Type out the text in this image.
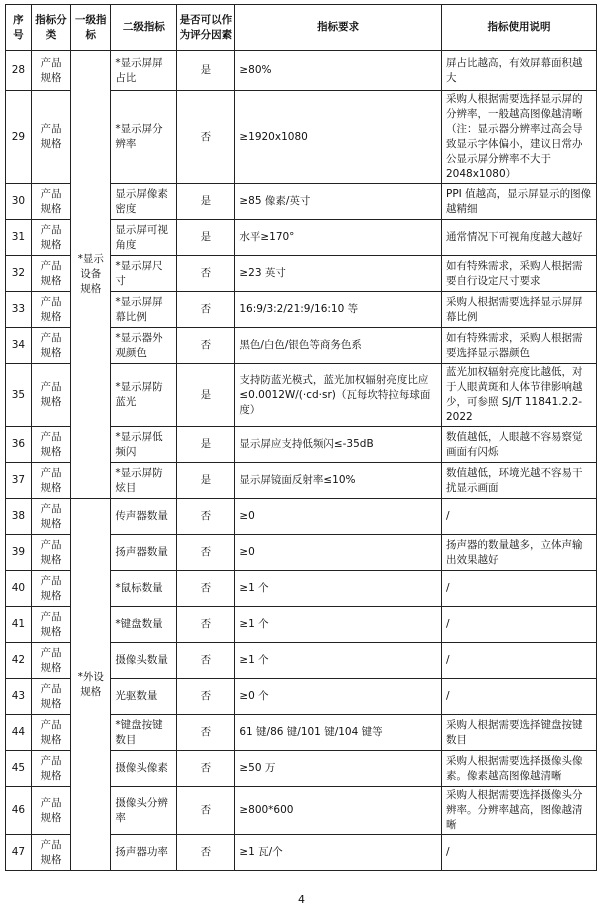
序号	指标分类	一级指标	二级指标	是否可以作为评分因素	指标要求	指标使用说明
28	产品规格	*显示设备规格	*显示屏屏占比	是	≥80%	屏占比越高，有效屏幕面积越大
29	产品规格		*显示屏分辨率	否	≥1920x1080	采购人根据需要选择显示屏的分辨率，一般越高图像越清晰（注：显示器分辨率过高会导致显示字体偏小，建议日常办公显示屏分辨率不大于 2048x1080）
30	产品规格		显示屏像素密度	是	≥85 像素/英寸	PPI 值越高，显示屏显示的图像越精细
31	产品规格		显示屏可视角度	是	水平≥170°	通常情况下可视角度越大越好
32	产品规格		*显示屏尺寸	否	≥23 英寸	如有特殊需求，采购人根据需要自行设定尺寸要求
33	产品规格		*显示屏屏幕比例	否	16:9/3:2/21:9/16:10 等	采购人根据需要选择显示屏屏幕比例
34	产品规格		*显示器外观颜色	否	黑色/白色/银色等商务色系	如有特殊需求，采购人根据需要选择显示器颜色
35	产品规格		*显示屏防蓝光	是	支持防蓝光模式，蓝光加权辐射亮度比应≤0.0012W/(·cd·sr)（瓦每坎特拉每球面度）	蓝光加权辐射亮度比越低，对于人眼黄斑和人体节律影响越少，可参照 SJ/T 11841.2.2-2022
36	产品规格		*显示屏低频闪	是	显示屏应支持低频闪≤-35dB	数值越低，人眼越不容易察觉画面有闪烁
37	产品规格		*显示屏防炫目	是	显示屏镜面反射率≤10%	数值越低，环境光越不容易干扰显示画面
38	产品规格	*外设规格	传声器数量	否	≥0	/
39	产品规格		扬声器数量	否	≥0	扬声器的数量越多，立体声输出效果越好
40	产品规格		*鼠标数量	否	≥1 个	/
41	产品规格		*键盘数量	否	≥1 个	/
42	产品规格		摄像头数量	否	≥1 个	/
43	产品规格		光驱数量	否	≥0 个	/
44	产品规格		*键盘按键数目	否	61 键/86 键/101 键/104 键等	采购人根据需要选择键盘按键数目
45	产品规格		摄像头像素	否	≥50 万	采购人根据需要选择摄像头像素。像素越高图像越清晰
46	产品规格		摄像头分辨率	否	≥800*600	采购人根据需要选择摄像头分辨率。分辨率越高，图像越清晰
47	产品规格		扬声器功率	否	≥1 瓦/个	/
4
